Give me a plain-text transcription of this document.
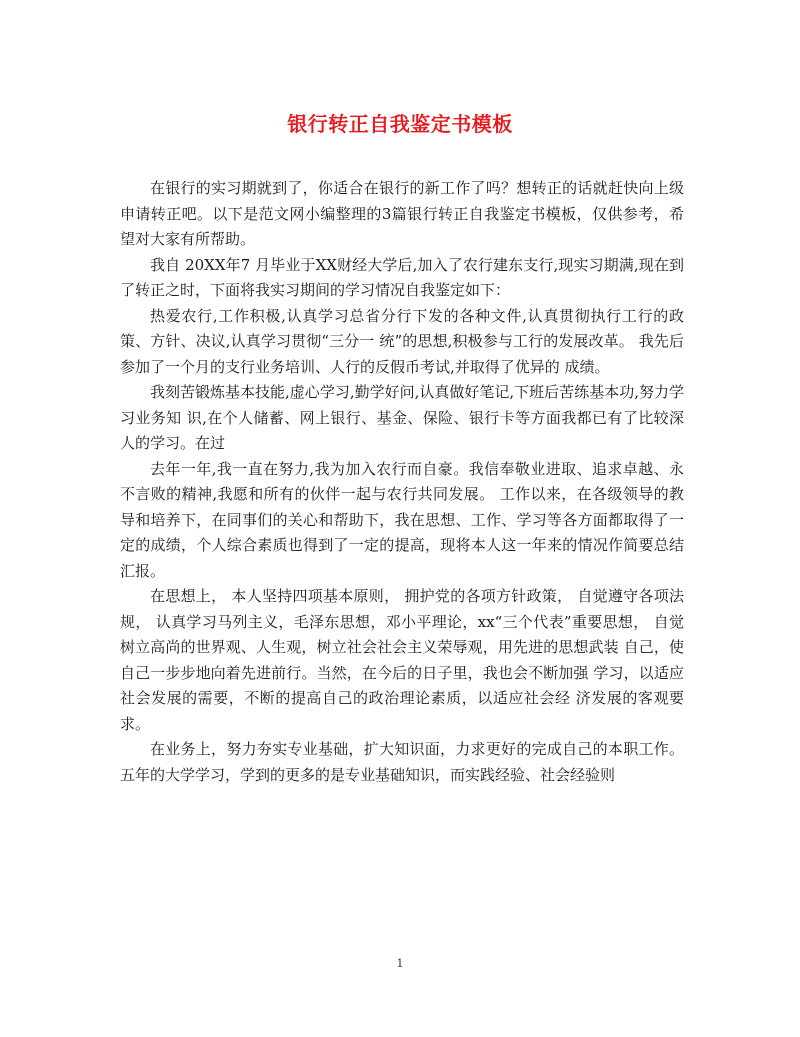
银行转正自我鉴定书模板

在银行的实习期就到了，你适合在银行的新工作了吗？想转正的话就赶快向上级申请转正吧。以下是范文网小编整理的3篇银行转正自我鉴定书模板，仅供参考，希望对大家有所帮助。

我自 20XX年7 月毕业于XX财经大学后,加入了农行建东支行,现实习期满,现在到了转正之时，下面将我实习期间的学习情况自我鉴定如下：

热爱农行,工作积极,认真学习总省分行下发的各种文件,认真贯彻执行工行的政策、方针、决议,认真学习贯彻“三分一 统”的思想,积极参与工行的发展改革。 我先后参加了一个月的支行业务培训、人行的反假币考试,并取得了优异的 成绩。

我刻苦锻炼基本技能,虚心学习,勤学好问,认真做好笔记,下班后苦练基本功,努力学习业务知 识,在个人储蓄、网上银行、基金、保险、银行卡等方面我都已有了比较深人的学习。在过

去年一年,我一直在努力,我为加入农行而自豪。我信奉敬业进取、追求卓越、永不言败的精神,我愿和所有的伙伴一起与农行共同发展。 工作以来，在各级领导的教导和培养下，在同事们的关心和帮助下，我在思想、工作、学习等各方面都取得了一定的成绩，个人综合素质也得到了一定的提高，现将本人这一年来的情况作简要总结汇报。

在思想上， 本人坚持四项基本原则， 拥护党的各项方针政策， 自觉遵守各项法规， 认真学习马列主义，毛泽东思想，邓小平理论，xx“三个代表”重要思想， 自觉树立高尚的世界观、人生观，树立社会社会主义荣辱观，用先进的思想武装 自己，使自己一步步地向着先进前行。当然，在今后的日子里，我也会不断加强 学习，以适应社会发展的需要，不断的提高自己的政治理论素质，以适应社会经 济发展的客观要求。

在业务上，努力夯实专业基础，扩大知识面，力求更好的完成自己的本职工作。 五年的大学学习，学到的更多的是专业基础知识，而实践经验、社会经验则

1
